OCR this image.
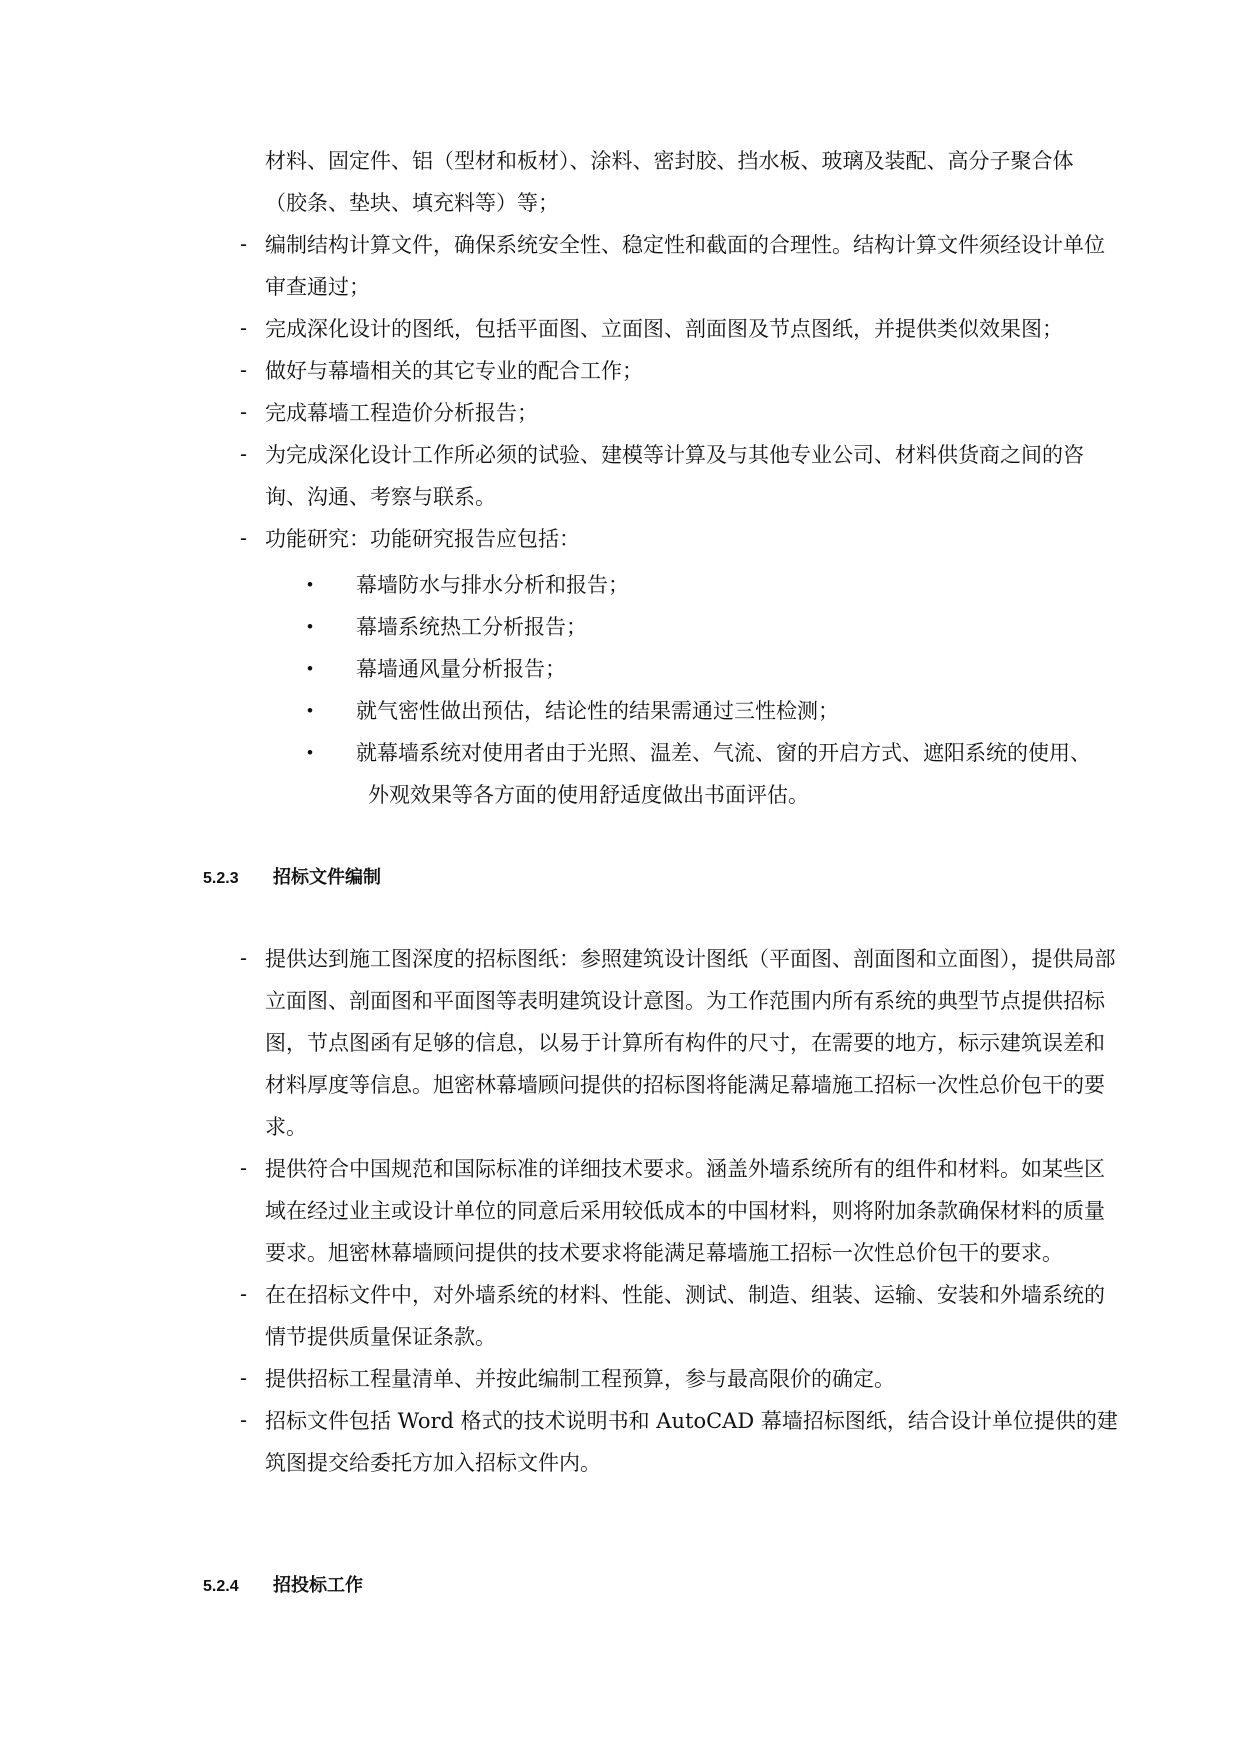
材料、固定件、铝（型材和板材）、涂料、密封胶、挡水板、玻璃及装配、高分子聚合体
（胶条、垫块、填充料等）等；

- 编制结构计算文件，确保系统安全性、稳定性和截面的合理性。结构计算文件须经设计单位审查通过；
- 完成深化设计的图纸，包括平面图、立面图、剖面图及节点图纸，并提供类似效果图；
- 做好与幕墙相关的其它专业的配合工作；
- 完成幕墙工程造价分析报告；
- 为完成深化设计工作所必须的试验、建模等计算及与其他专业公司、材料供货商之间的咨询、沟通、考察与联系。
- 功能研究：功能研究报告应包括：
• 幕墙防水与排水分析和报告；
• 幕墙系统热工分析报告；
• 幕墙通风量分析报告；
• 就气密性做出预估，结论性的结果需通过三性检测；
• 就幕墙系统对使用者由于光照、温差、气流、窗的开启方式、遮阳系统的使用、
外观效果等各方面的使用舒适度做出书面评估。
5.2.3 招标文件编制
- 提供达到施工图深度的招标图纸：参照建筑设计图纸（平面图、剖面图和立面图），提供局部立面图、剖面图和平面图等表明建筑设计意图。为工作范围内所有系统的典型节点提供招标图，节点图函有足够的信息，以易于计算所有构件的尺寸，在需要的地方，标示建筑误差和材料厚度等信息。旭密林幕墙顾问提供的招标图将能满足幕墙施工招标一次性总价包干的要求。
- 提供符合中国规范和国际标准的详细技术要求。涵盖外墙系统所有的组件和材料。如某些区域在经过业主或设计单位的同意后采用较低成本的中国材料，则将附加条款确保材料的质量要求。旭密林幕墙顾问提供的技术要求将能满足幕墙施工招标一次性总价包干的要求。
- 在在招标文件中，对外墙系统的材料、性能、测试、制造、组装、运输、安装和外墙系统的情节提供质量保证条款。
- 提供招标工程量清单、并按此编制工程预算，参与最高限价的确定。
- 招标文件包括 Word 格式的技术说明书和 AutoCAD 幕墙招标图纸，结合设计单位提供的建筑图提交给委托方加入招标文件内。
5.2.4 招投标工作
